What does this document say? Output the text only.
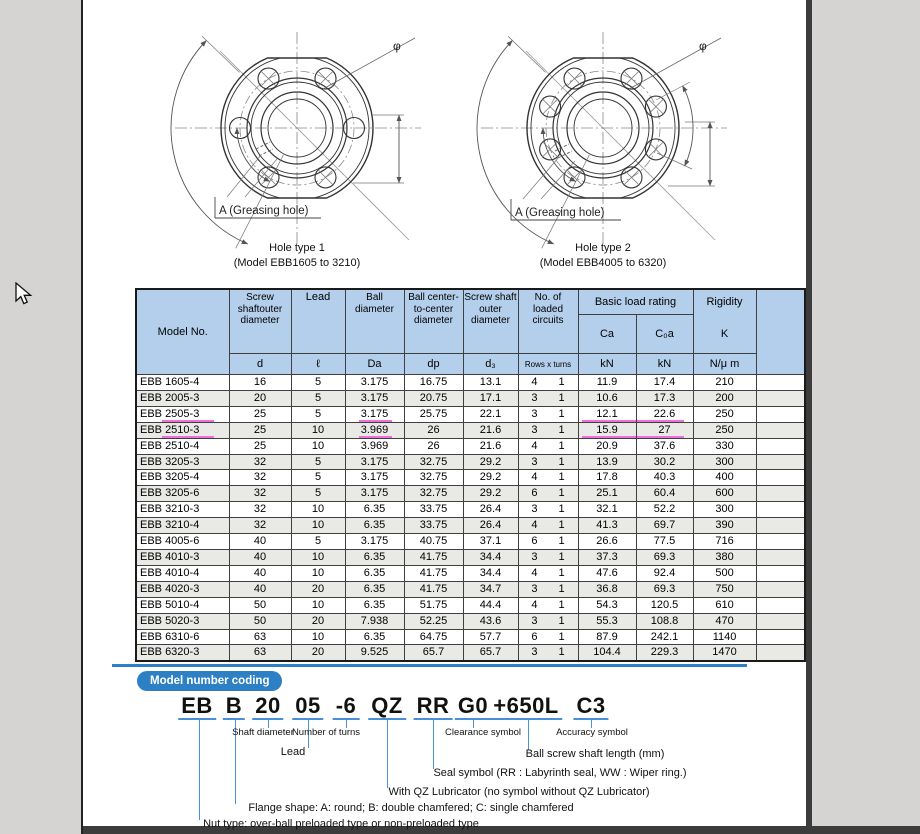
φ
A (Greasing hole)
Hole type 1
(Model EBB1605 to 3210)
φ
A (Greasing hole)
Hole type 2
(Model EBB4005 to 6320)
Model No.	Screw shaftouter diameter	Lead	Ball diameter	Ball center-to-center diameter	Screw shaft outer diameter	No. of loaded circuits	Basic load rating		Rigidity	
							Ca	C₀a	K	
	d	ℓ	Da	dp	d₃	Rows x turns	kN	kN	N/μ m	
EBB 1605-4	16	5	3.175	16.75	13.1	4 1	11.9	17.4	210	
EBB 2005-3	20	5	3.175	20.75	17.1	3 1	10.6	17.3	200	
EBB 2505-3	25	5	3.175	25.75	22.1	3 1	12.1	22.6	250	
EBB 2510-3	25	10	3.969	26	21.6	3 1	15.9	27	250	
EBB 2510-4	25	10	3.969	26	21.6	4 1	20.9	37.6	330	
EBB 3205-3	32	5	3.175	32.75	29.2	3 1	13.9	30.2	300	
EBB 3205-4	32	5	3.175	32.75	29.2	4 1	17.8	40.3	400	
EBB 3205-6	32	5	3.175	32.75	29.2	6 1	25.1	60.4	600	
EBB 3210-3	32	10	6.35	33.75	26.4	3 1	32.1	52.2	300	
EBB 3210-4	32	10	6.35	33.75	26.4	4 1	41.3	69.7	390	
EBB 4005-6	40	5	3.175	40.75	37.1	6 1	26.6	77.5	716	
EBB 4010-3	40	10	6.35	41.75	34.4	3 1	37.3	69.3	380	
EBB 4010-4	40	10	6.35	41.75	34.4	4 1	47.6	92.4	500	
EBB 4020-3	40	20	6.35	41.75	34.7	3 1	36.8	69.3	750	
EBB 5010-4	50	10	6.35	51.75	44.4	4 1	54.3	120.5	610	
EBB 5020-3	50	20	7.938	52.25	43.6	3 1	55.3	108.8	470	
EBB 6310-6	63	10	6.35	64.75	57.7	6 1	87.9	242.1	1140	
EBB 6320-3	63	20	9.525	65.7	65.7	3 1	104.4	229.3	1470	
Model number coding
EB B 20 05 -6 QZ RR G0 +650L C3
Shaft diameter
Number of turns	Clearance symbol	Accuracy symbol
Lead	Ball screw shaft length (mm)
Seal symbol (RR : Labyrinth seal, WW : Wiper ring.)
With QZ Lubricator (no symbol without QZ Lubricator)
Flange shape: A: round; B: double chamfered; C: single chamfered
Nut type: over-ball preloaded type or non-preloaded type
